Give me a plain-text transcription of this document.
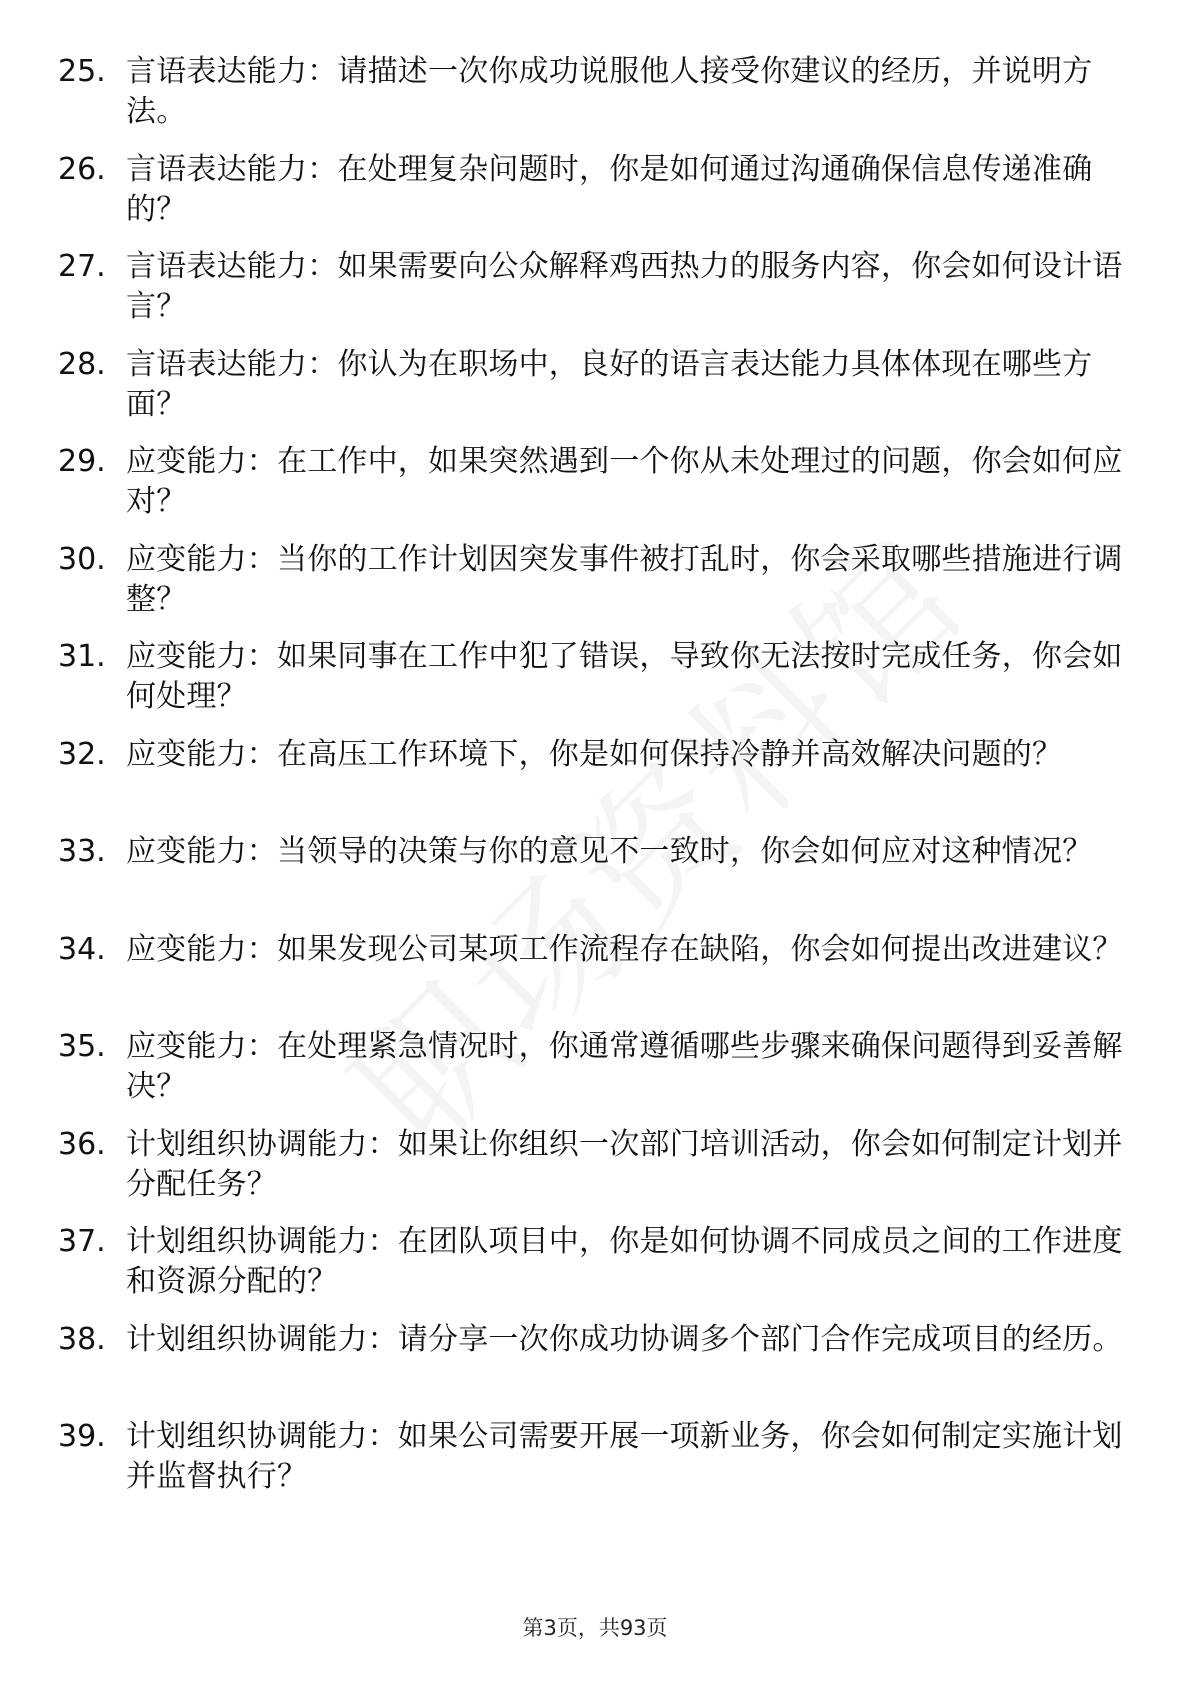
25. 言语表达能力：请描述一次你成功说服他人接受你建议的经历，并说明方法。
26. 言语表达能力：在处理复杂问题时，你是如何通过沟通确保信息传递准确的？
27. 言语表达能力：如果需要向公众解释鸡西热力的服务内容，你会如何设计语言？
28. 言语表达能力：你认为在职场中，良好的语言表达能力具体体现在哪些方面？
29. 应变能力：在工作中，如果突然遇到一个你从未处理过的问题，你会如何应对？
30. 应变能力：当你的工作计划因突发事件被打乱时，你会采取哪些措施进行调整？
31. 应变能力：如果同事在工作中犯了错误，导致你无法按时完成任务，你会如何处理？
32. 应变能力：在高压工作环境下，你是如何保持冷静并高效解决问题的？
33. 应变能力：当领导的决策与你的意见不一致时，你会如何应对这种情况？
34. 应变能力：如果发现公司某项工作流程存在缺陷，你会如何提出改进建议？
35. 应变能力：在处理紧急情况时，你通常遵循哪些步骤来确保问题得到妥善解决？
36. 计划组织协调能力：如果让你组织一次部门培训活动，你会如何制定计划并分配任务？
37. 计划组织协调能力：在团队项目中，你是如何协调不同成员之间的工作进度和资源分配的？
38. 计划组织协调能力：请分享一次你成功协调多个部门合作完成项目的经历。
39. 计划组织协调能力：如果公司需要开展一项新业务，你会如何制定实施计划并监督执行？
第3页，共93页
